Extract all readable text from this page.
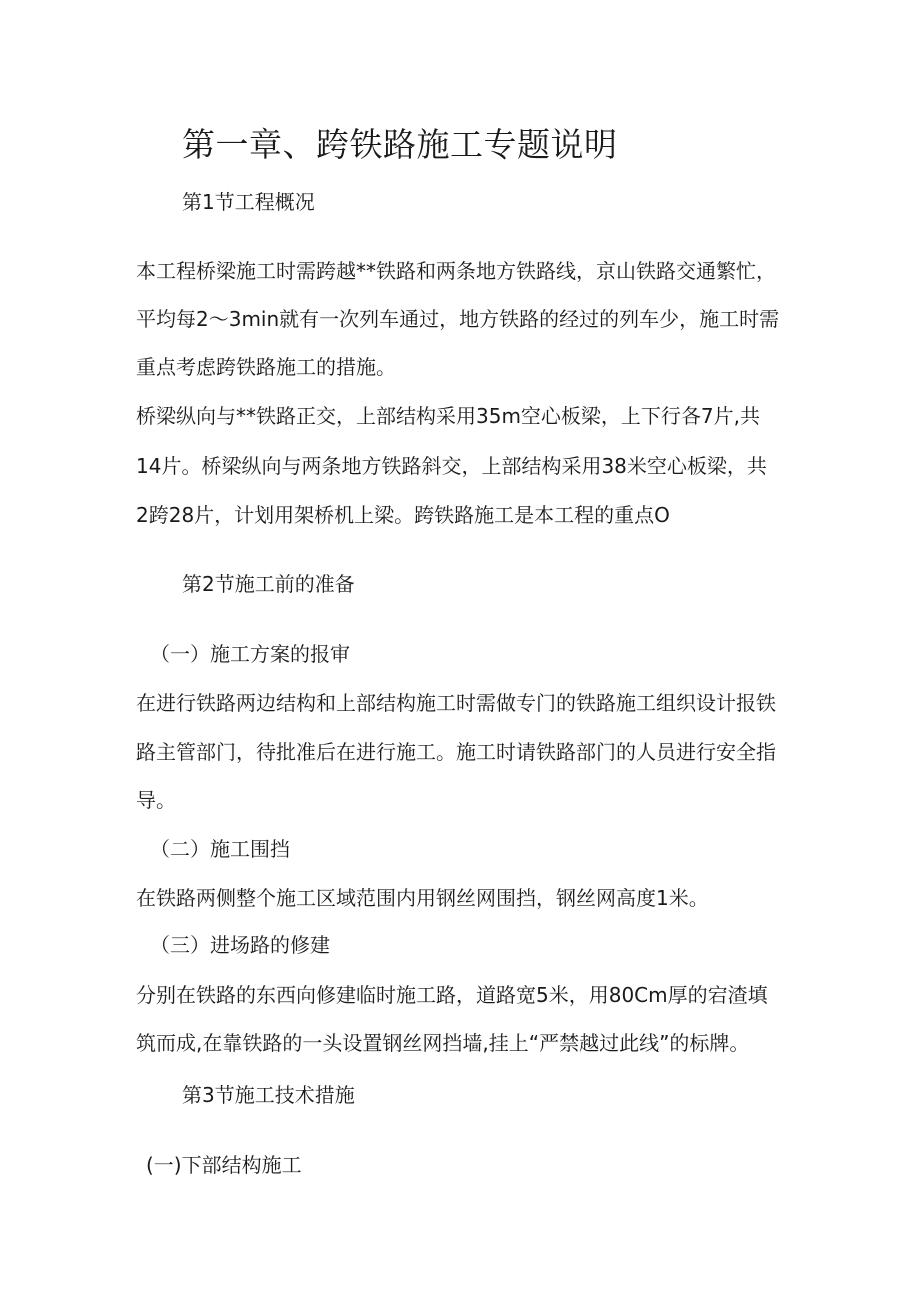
第一章、跨铁路施工专题说明
第1节工程概况
本工程桥梁施工时需跨越**铁路和两条地方铁路线，京山铁路交通繁忙，
平均每2〜3min就有一次列车通过，地方铁路的经过的列车少，施工时需
重点考虑跨铁路施工的措施。
桥梁纵向与**铁路正交，上部结构采用35m空心板梁，上下行各7片,共
14片。桥梁纵向与两条地方铁路斜交，上部结构采用38米空心板梁，共
2跨28片，计划用架桥机上梁。跨铁路施工是本工程的重点O
第2节施工前的准备
（一）施工方案的报审
在进行铁路两边结构和上部结构施工时需做专门的铁路施工组织设计报铁
路主管部门，待批准后在进行施工。施工时请铁路部门的人员进行安全指
导。
（二）施工围挡
在铁路两侧整个施工区域范围内用钢丝网围挡，钢丝网高度1米。
（三）进场路的修建
分别在铁路的东西向修建临时施工路，道路宽5米，用80Cm厚的宕渣填
筑而成,在靠铁路的一头设置钢丝网挡墙,挂上“严禁越过此线”的标牌。
第3节施工技术措施
(一)下部结构施工
